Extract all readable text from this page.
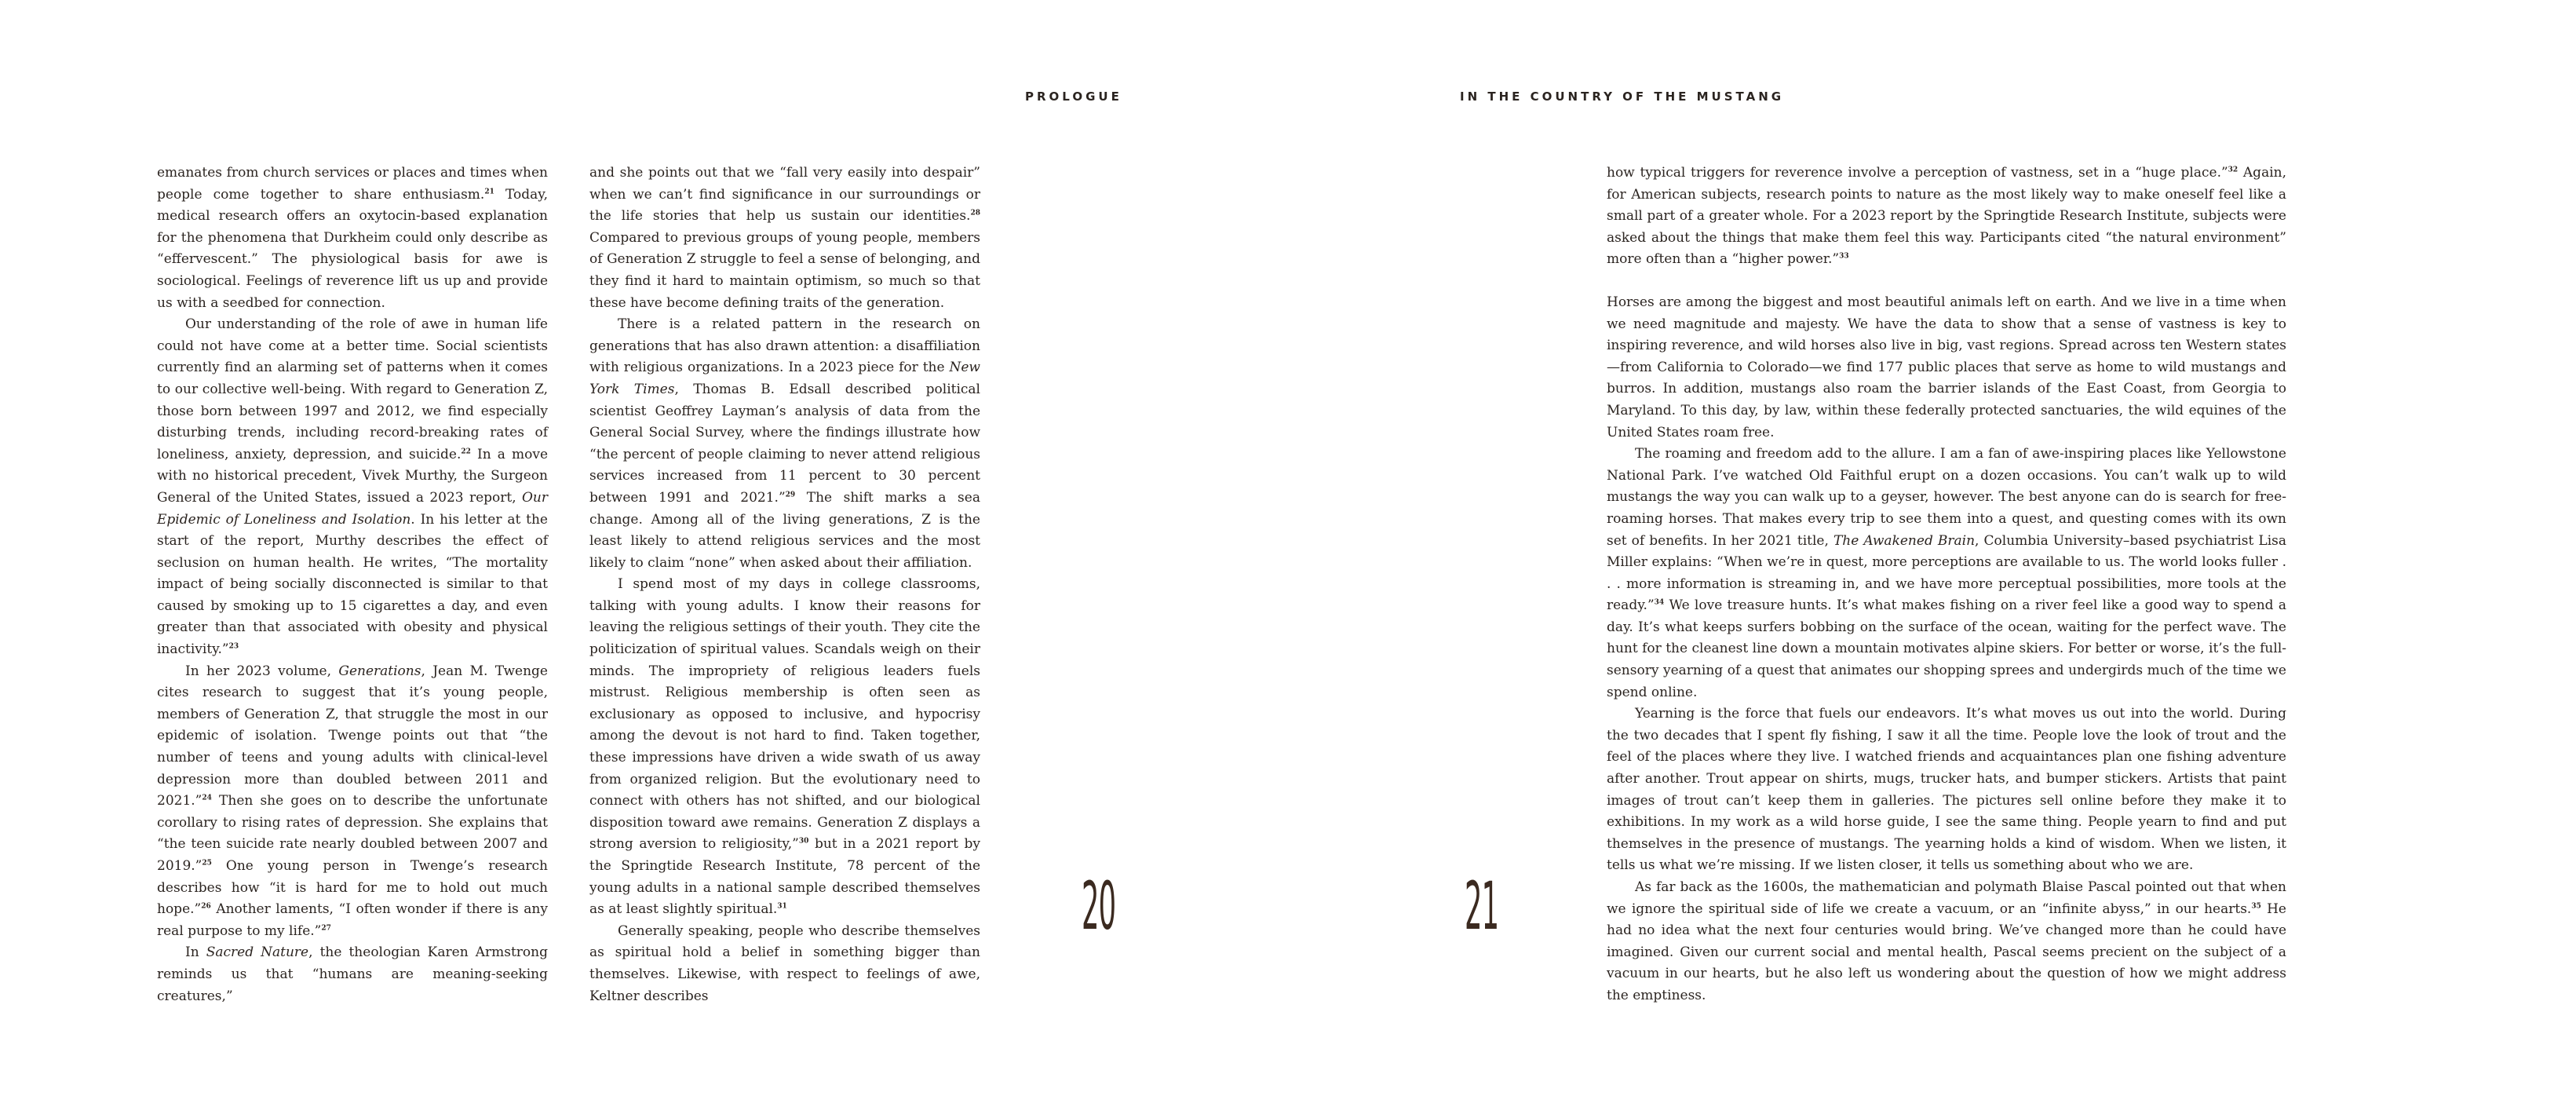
PROLOGUE	IN THE COUNTRY OF THE MUSTANG

emanates from church services or places and times when people come together to share enthusiasm.$^{21}$ Today, medical research offers an oxytocin-based explanation for the phenomena that Durkheim could only describe as “effervescent.” The physiological basis for awe is sociological. Feelings of reverence lift us up and provide us with a seedbed for connection.

Our understanding of the role of awe in human life could not have come at a better time. Social scientists currently find an alarming set of patterns when it comes to our collective well-being. With regard to Generation Z, those born between 1997 and 2012, we find especially disturbing trends, including record-breaking rates of loneliness, anxiety, depression, and suicide.$^{22}$ In a move with no historical precedent, Vivek Murthy, the Surgeon General of the United States, issued a 2023 report, Our Epidemic of Loneliness and Isolation. In his letter at the start of the report, Murthy describes the effect of seclusion on human health. He writes, “The mortality impact of being socially disconnected is similar to that caused by smoking up to 15 cigarettes a day, and even greater than that associated with obesity and physical inactivity.”$^{23}$

In her 2023 volume, Generations, Jean M. Twenge cites research to suggest that it’s young people, members of Generation Z, that struggle the most in our epidemic of isolation. Twenge points out that “the number of teens and young adults with clinical-level depression more than doubled between 2011 and 2021.”$^{24}$ Then she goes on to describe the unfortunate corollary to rising rates of depression. She explains that “the teen suicide rate nearly doubled between 2007 and 2019.”$^{25}$ One young person in Twenge’s research describes how “it is hard for me to hold out much hope.”$^{26}$ Another laments, “I often wonder if there is any real purpose to my life.”$^{27}$

In Sacred Nature, the theologian Karen Armstrong reminds us that “humans are meaning-seeking creatures,”

and she points out that we “fall very easily into despair” when we can’t find significance in our surroundings or the life stories that help us sustain our identities.$^{28}$ Compared to previous groups of young people, members of Generation Z struggle to feel a sense of belonging, and they find it hard to maintain optimism, so much so that these have become defining traits of the generation.

There is a related pattern in the research on generations that has also drawn attention: a disaffiliation with religious organizations. In a 2023 piece for the New York Times, Thomas B. Edsall described political scientist Geoffrey Layman’s analysis of data from the General Social Survey, where the findings illustrate how “the percent of people claiming to never attend religious services increased from 11 percent to 30 percent between 1991 and 2021.”$^{29}$ The shift marks a sea change. Among all of the living generations, Z is the least likely to attend religious services and the most likely to claim “none” when asked about their affiliation.

I spend most of my days in college classrooms, talking with young adults. I know their reasons for leaving the religious settings of their youth. They cite the politicization of spiritual values. Scandals weigh on their minds. The impropriety of religious leaders fuels mistrust. Religious membership is often seen as exclusionary as opposed to inclusive, and hypocrisy among the devout is not hard to find. Taken together, these impressions have driven a wide swath of us away from organized religion. But the evolutionary need to connect with others has not shifted, and our biological disposition toward awe remains. Generation Z displays a strong aversion to religiosity,”$^{30}$ but in a 2021 report by the Springtide Research Institute, 78 percent of the young adults in a national sample described themselves as at least slightly spiritual.$^{31}$

Generally speaking, people who describe themselves as spiritual hold a belief in something bigger than themselves. Likewise, with respect to feelings of awe, Keltner describes

how typical triggers for reverence involve a perception of vastness, set in a “huge place.”$^{32}$ Again, for American subjects, research points to nature as the most likely way to make oneself feel like a small part of a greater whole. For a 2023 report by the Springtide Research Institute, subjects were asked about the things that make them feel this way. Participants cited “the natural environment” more often than a “higher power.”$^{33}$

Horses are among the biggest and most beautiful animals left on earth. And we live in a time when we need magnitude and majesty. We have the data to show that a sense of vastness is key to inspiring reverence, and wild horses also live in big, vast regions. Spread across ten Western states—from California to Colorado—we find 177 public places that serve as home to wild mustangs and burros. In addition, mustangs also roam the barrier islands of the East Coast, from Georgia to Maryland. To this day, by law, within these federally protected sanctuaries, the wild equines of the United States roam free.

The roaming and freedom add to the allure. I am a fan of awe-inspiring places like Yellowstone National Park. I’ve watched Old Faithful erupt on a dozen occasions. You can’t walk up to wild mustangs the way you can walk up to a geyser, however. The best anyone can do is search for free-roaming horses. That makes every trip to see them into a quest, and questing comes with its own set of benefits. In her 2021 title, The Awakened Brain, Columbia University–based psychiatrist Lisa Miller explains: “When we’re in quest, more perceptions are available to us. The world looks fuller . . . more information is streaming in, and we have more perceptual possibilities, more tools at the ready.”$^{34}$ We love treasure hunts. It’s what makes fishing on a river feel like a good way to spend a day. It’s what keeps surfers bobbing on the surface of the ocean, waiting for the perfect wave. The hunt for the cleanest line down a mountain motivates alpine skiers. For better or worse, it’s the full-sensory yearning of a quest that animates our shopping sprees and undergirds much of the time we spend online.

Yearning is the force that fuels our endeavors. It’s what moves us out into the world. During the two decades that I spent fly fishing, I saw it all the time. People love the look of trout and the feel of the places where they live. I watched friends and acquaintances plan one fishing adventure after another. Trout appear on shirts, mugs, trucker hats, and bumper stickers. Artists that paint images of trout can’t keep them in galleries. The pictures sell online before they make it to exhibitions. In my work as a wild horse guide, I see the same thing. People yearn to find and put themselves in the presence of mustangs. The yearning holds a kind of wisdom. When we listen, it tells us what we’re missing. If we listen closer, it tells us something about who we are.

As far back as the 1600s, the mathematician and polymath Blaise Pascal pointed out that when we ignore the spiritual side of life we create a vacuum, or an “infinite abyss,” in our hearts.$^{35}$ He had no idea what the next four centuries would bring. We’ve changed more than he could have imagined. Given our current social and mental health, Pascal seems precient on the subject of a vacuum in our hearts, but he also left us wondering about the question of how we might address the emptiness.

20	21
